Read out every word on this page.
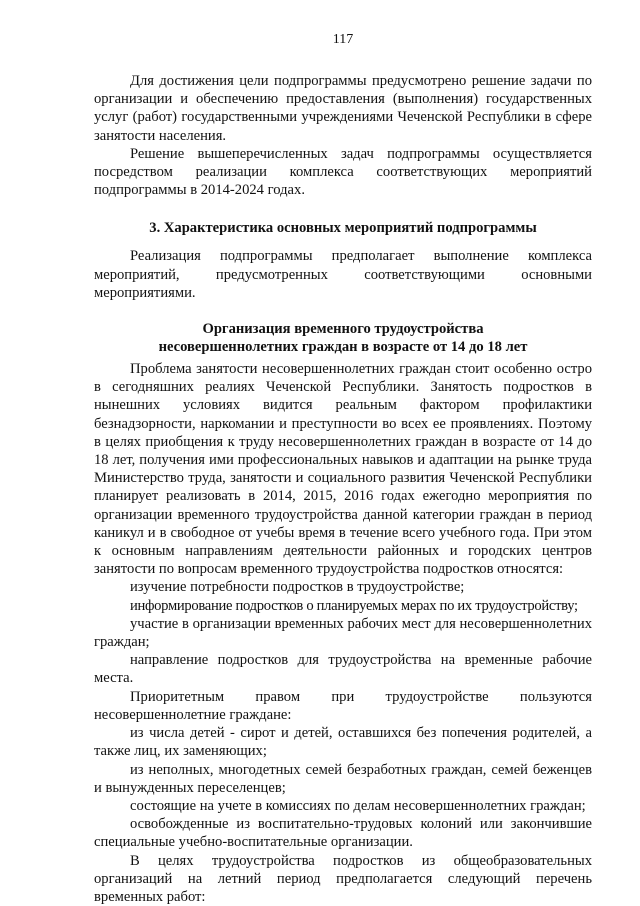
117

Для достижения цели подпрограммы предусмотрено решение задачи по организации и обеспечению предоставления (выполнения) государственных услуг (работ) государственными учреждениями Чеченской Республики в сфере занятости населения.

Решение вышеперечисленных задач подпрограммы осуществляется посредством реализации комплекса соответствующих мероприятий подпрограммы в 2014-2024 годах.

3. Характеристика основных мероприятий подпрограммы

Реализация подпрограммы предполагает выполнение комплекса мероприятий, предусмотренных соответствующими основными мероприятиями.

Организация временного трудоустройства
несовершеннолетних граждан в возрасте от 14 до 18 лет

Проблема занятости несовершеннолетних граждан стоит особенно остро в сегодняшних реалиях Чеченской Республики. Занятость подростков в нынешних условиях видится реальным фактором профилактики безнадзорности, наркомании и преступности во всех ее проявлениях. Поэтому в целях приобщения к труду несовершеннолетних граждан в возрасте от 14 до 18 лет, получения ими профессиональных навыков и адаптации на рынке труда Министерство труда, занятости и социального развития Чеченской Республики планирует реализовать в 2014, 2015, 2016 годах ежегодно мероприятия по организации временного трудоустройства данной категории граждан в период каникул и в свободное от учебы время в течение всего учебного года. При этом к основным направлениям деятельности районных и городских центров занятости по вопросам временного трудоустройства подростков относятся:

изучение потребности подростков в трудоустройстве;

информирование подростков о планируемых мерах по их трудоустройству;

участие в организации временных рабочих мест для несовершеннолетних граждан;

направление подростков для трудоустройства на временные рабочие места.

Приоритетным правом при трудоустройстве пользуются несовершеннолетние граждане:

из числа детей - сирот и детей, оставшихся без попечения родителей, а также лиц, их заменяющих;

из неполных, многодетных семей безработных граждан, семей беженцев и вынужденных переселенцев;

состоящие на учете в комиссиях по делам несовершеннолетних граждан;

освобожденные из воспитательно-трудовых колоний или закончившие специальные учебно-воспитательные организации.

В целях трудоустройства подростков из общеобразовательных организаций на летний период предполагается следующий перечень временных работ:
